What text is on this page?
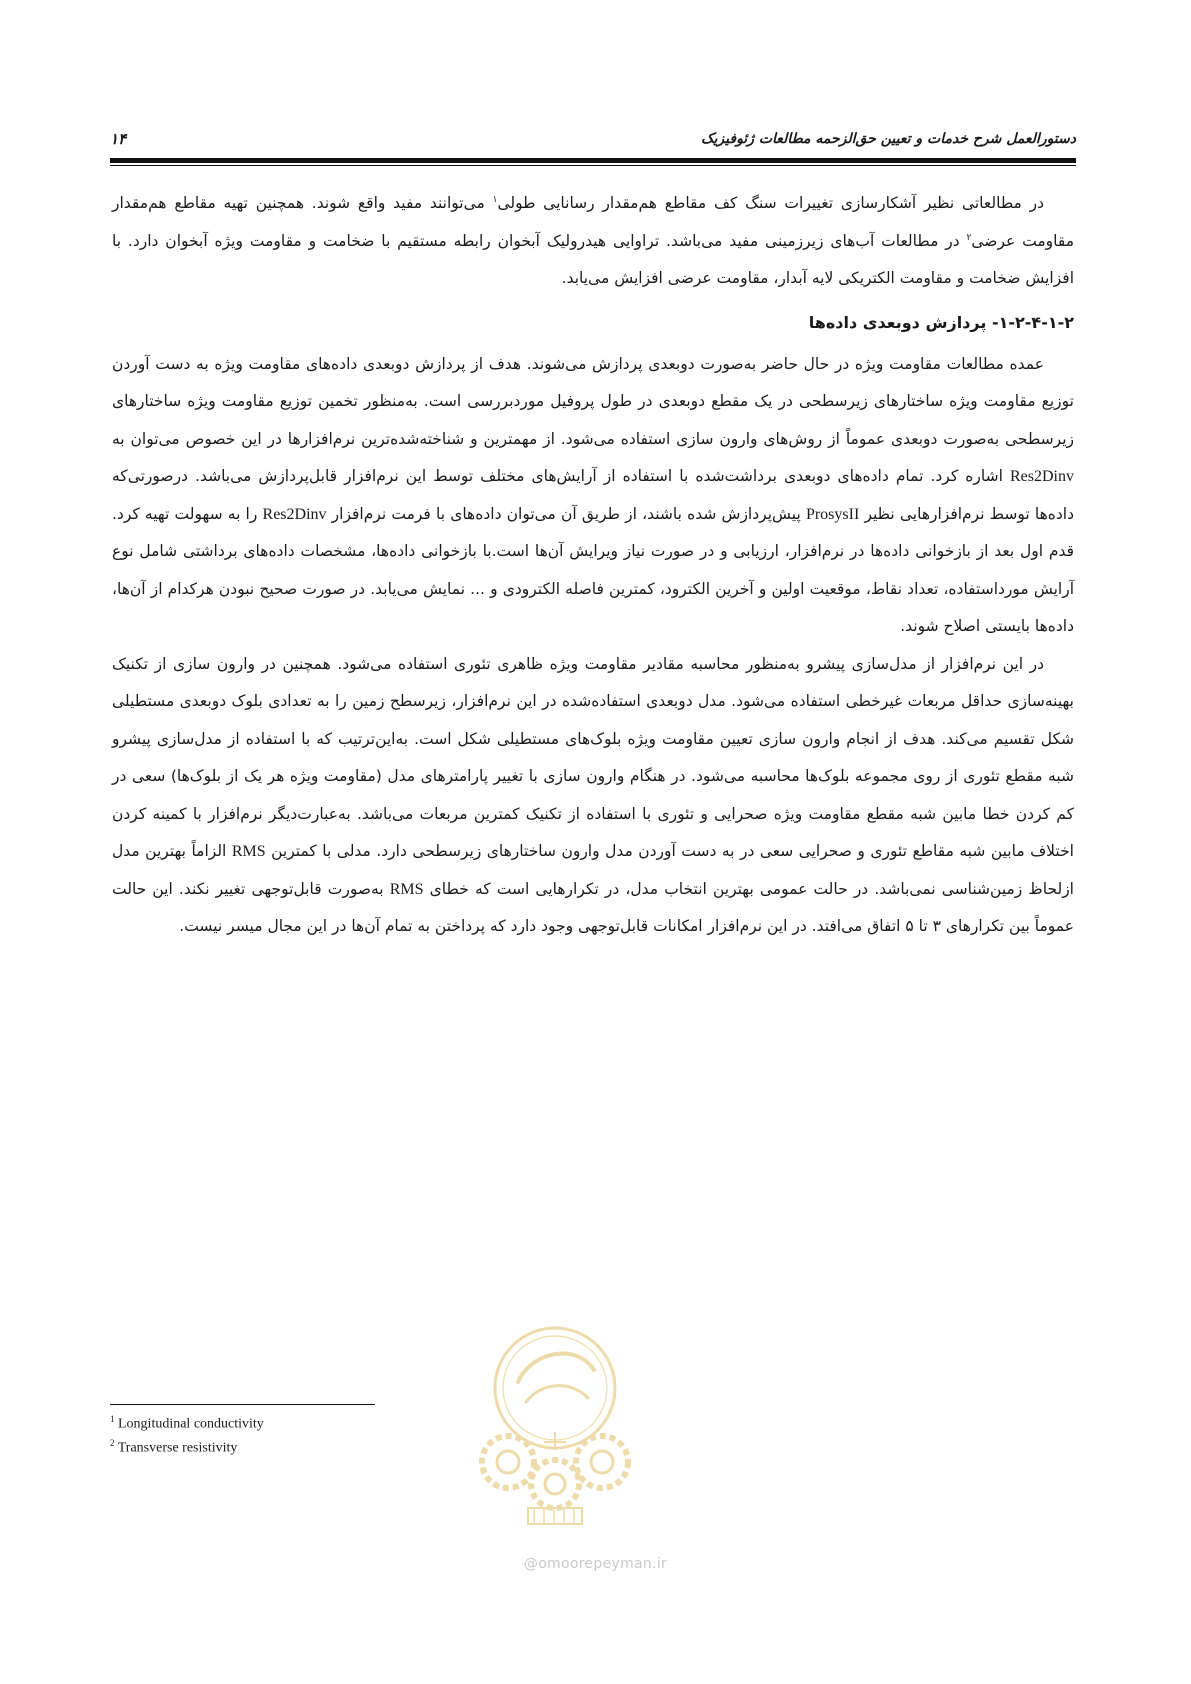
دستورالعمل شرح خدمات و تعیین حق‌الزحمه مطالعات ژئوفیزیک
۱۴

در مطالعاتی نظیر آشکارسازی تغییرات سنگ کف مقاطع هم‌مقدار رسانایی طولی$^۱$ می‌توانند مفید واقع شوند. همچنین تهیه مقاطع هم‌مقدار مقاومت عرضی$^۲$ در مطالعات آب‌های زیرزمینی مفید می‌باشد. تراوایی هیدرولیک آبخوان رابطه مستقیم با ضخامت و مقاومت ویژه آبخوان دارد. با افزایش ضخامت و مقاومت الکتریکی لایه آبدار، مقاومت عرضی افزایش می‌یابد.

۱-۲-۴-۱-۲- پردازش دوبعدی داده‌ها

عمده مطالعات مقاومت ویژه در حال حاضر به‌صورت دوبعدی پردازش می‌شوند. هدف از پردازش دوبعدی داده‌های مقاومت ویژه به دست آوردن توزیع مقاومت ویژه ساختارهای زیرسطحی در یک مقطع دوبعدی در طول پروفیل موردبررسی است. به‌منظور تخمین توزیع مقاومت ویژه ساختارهای زیرسطحی به‌صورت دوبعدی عموماً از روش‌های وارون سازی استفاده می‌شود. از مهمترین و شناخته‌شده‌ترین نرم‌افزارها در این خصوص می‌توان به Res2Dinv اشاره کرد. تمام داده‌های دوبعدی برداشت‌شده با استفاده از آرایش‌های مختلف توسط این نرم‌افزار قابل‌پردازش می‌باشد. درصورتی‌که داده‌ها توسط نرم‌افزارهایی نظیر ProsysII پیش‌پردازش شده باشند، از طریق آن می‌توان داده‌های با فرمت نرم‌افزار Res2Dinv را به سهولت تهیه کرد. قدم اول بعد از بازخوانی داده‌ها در نرم‌افزار، ارزیابی و در صورت نیاز ویرایش آن‌ها است.با بازخوانی داده‌ها، مشخصات داده‌های برداشتی شامل نوع آرایش مورداستفاده، تعداد نقاط، موقعیت اولین و آخرین الکترود، کمترین فاصله الکترودی و ... نمایش می‌یابد. در صورت صحیح نبودن هرکدام از آن‌ها، داده‌ها بایستی اصلاح شوند.

در این نرم‌افزار از مدل‌سازی پیشرو به‌منظور محاسبه مقادیر مقاومت ویژه ظاهری تئوری استفاده می‌شود. همچنین در وارون سازی از تکنیک بهینه‌سازی حداقل مربعات غیرخطی استفاده می‌شود. مدل دوبعدی استفاده‌شده در این نرم‌افزار، زیرسطح زمین را به تعدادی بلوک دوبعدی مستطیلی شکل تقسیم می‌کند. هدف از انجام وارون سازی تعیین مقاومت ویژه بلوک‌های مستطیلی شکل است. به‌این‌ترتیب که با استفاده از مدل‌سازی پیشرو شبه مقطع تئوری از روی مجموعه بلوک‌ها محاسبه می‌شود. در هنگام وارون سازی با تغییر پارامترهای مدل (مقاومت ویژه هر یک از بلوک‌ها) سعی در کم کردن خطا مابین شبه مقطع مقاومت ویژه صحرایی و تئوری با استفاده از تکنیک کمترین مربعات می‌باشد. به‌عبارت‌دیگر نرم‌افزار با کمینه کردن اختلاف مابین شبه مقاطع تئوری و صحرایی سعی در به دست آوردن مدل وارون ساختارهای زیرسطحی دارد. مدلی با کمترین RMS الزاماً بهترین مدل ازلحاظ زمین‌شناسی نمی‌باشد. در حالت عمومی بهترین انتخاب مدل، در تکرارهایی است که خطای RMS به‌صورت قابل‌توجهی تغییر نکند. این حالت عموماً بین تکرارهای ۳ تا ۵ اتفاق می‌افتد. در این نرم‌افزار امکانات قابل‌توجهی وجود دارد که پرداختن به تمام آن‌ها در این مجال میسر نیست.

$^1$ Longitudinal conductivity
$^2$ Transverse resistivity
@omoorepeyman.ir
